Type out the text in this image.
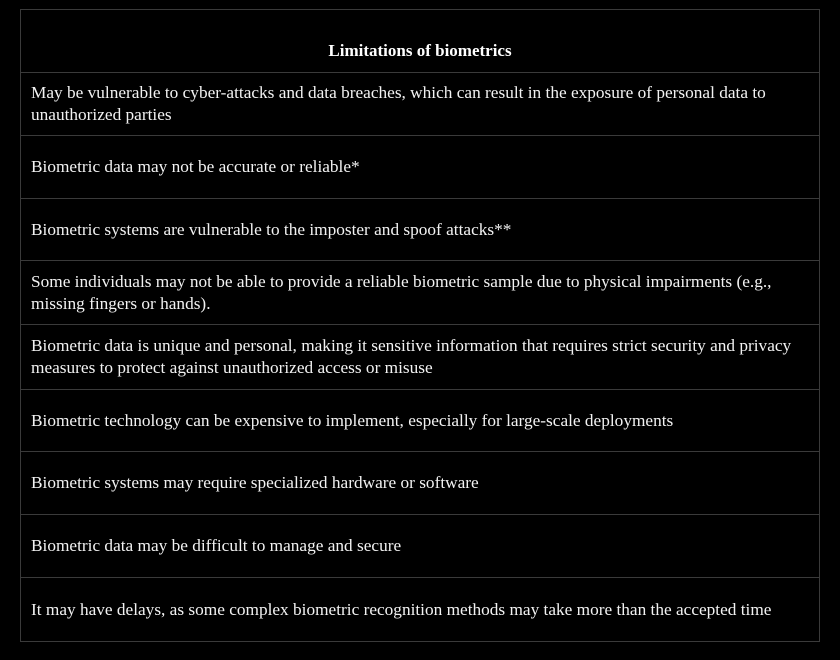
Limitations of biometrics
May be vulnerable to cyber-attacks and data breaches, which can result in the exposure of personal data to unauthorized parties
Biometric data may not be accurate or reliable*
Biometric systems are vulnerable to the imposter and spoof attacks**
Some individuals may not be able to provide a reliable biometric sample due to physical impairments (e.g., missing fingers or hands).
Biometric data is unique and personal, making it sensitive information that requires strict security and privacy measures to protect against unauthorized access or misuse
Biometric technology can be expensive to implement, especially for large-scale deployments
Biometric systems may require specialized hardware or software
Biometric data may be difficult to manage and secure
It may have delays, as some complex biometric recognition methods may take more than the accepted time
